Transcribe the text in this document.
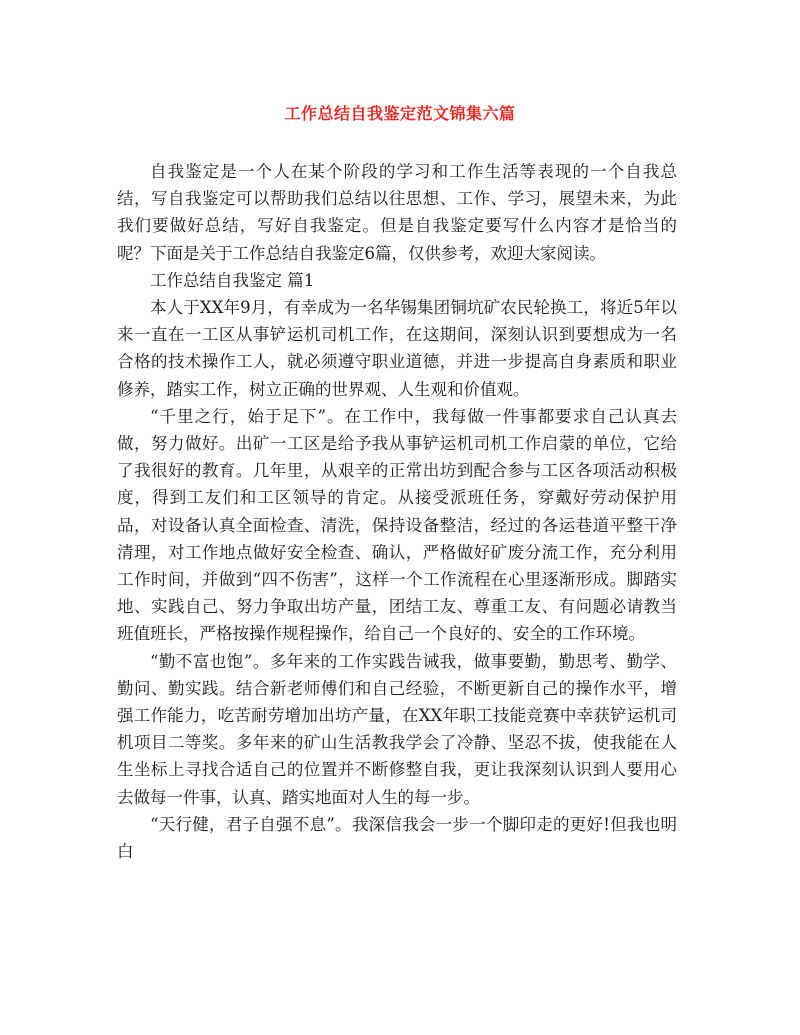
工作总结自我鉴定范文锦集六篇

自我鉴定是一个人在某个阶段的学习和工作生活等表现的一个自我总结，写自我鉴定可以帮助我们总结以往思想、工作、学习，展望未来，为此我们要做好总结，写好自我鉴定。但是自我鉴定要写什么内容才是恰当的呢？下面是关于工作总结自我鉴定6篇，仅供参考，欢迎大家阅读。

工作总结自我鉴定 篇1

本人于XX年9月，有幸成为一名华锡集团铜坑矿农民轮换工，将近5年以来一直在一工区从事铲运机司机工作，在这期间，深刻认识到要想成为一名合格的技术操作工人，就必须遵守职业道德，并进一步提高自身素质和职业修养，踏实工作，树立正确的世界观、人生观和价值观。

“千里之行，始于足下”。在工作中，我每做一件事都要求自己认真去做，努力做好。出矿一工区是给予我从事铲运机司机工作启蒙的单位，它给了我很好的教育。几年里，从艰辛的正常出坊到配合参与工区各项活动积极度，得到工友们和工区领导的肯定。从接受派班任务，穿戴好劳动保护用品，对设备认真全面检查、清洗，保持设备整洁，经过的各运巷道平整干净清理，对工作地点做好安全检查、确认，严格做好矿废分流工作，充分利用工作时间，并做到“四不伤害”，这样一个工作流程在心里逐渐形成。脚踏实地、实践自己、努力争取出坊产量，团结工友、尊重工友、有问题必请教当班值班长，严格按操作规程操作，给自己一个良好的、安全的工作环境。

“勤不富也饱”。多年来的工作实践告诫我，做事要勤，勤思考、勤学、勤问、勤实践。结合新老师傅们和自己经验，不断更新自己的操作水平，增强工作能力，吃苦耐劳增加出坊产量，在XX年职工技能竞赛中幸获铲运机司机项目二等奖。多年来的矿山生活教我学会了冷静、坚忍不拔，使我能在人生坐标上寻找合适自己的位置并不断修整自我，更让我深刻认识到人要用心去做每一件事，认真、踏实地面对人生的每一步。

“天行健，君子自强不息”。我深信我会一步一个脚印走的更好!但我也明白
